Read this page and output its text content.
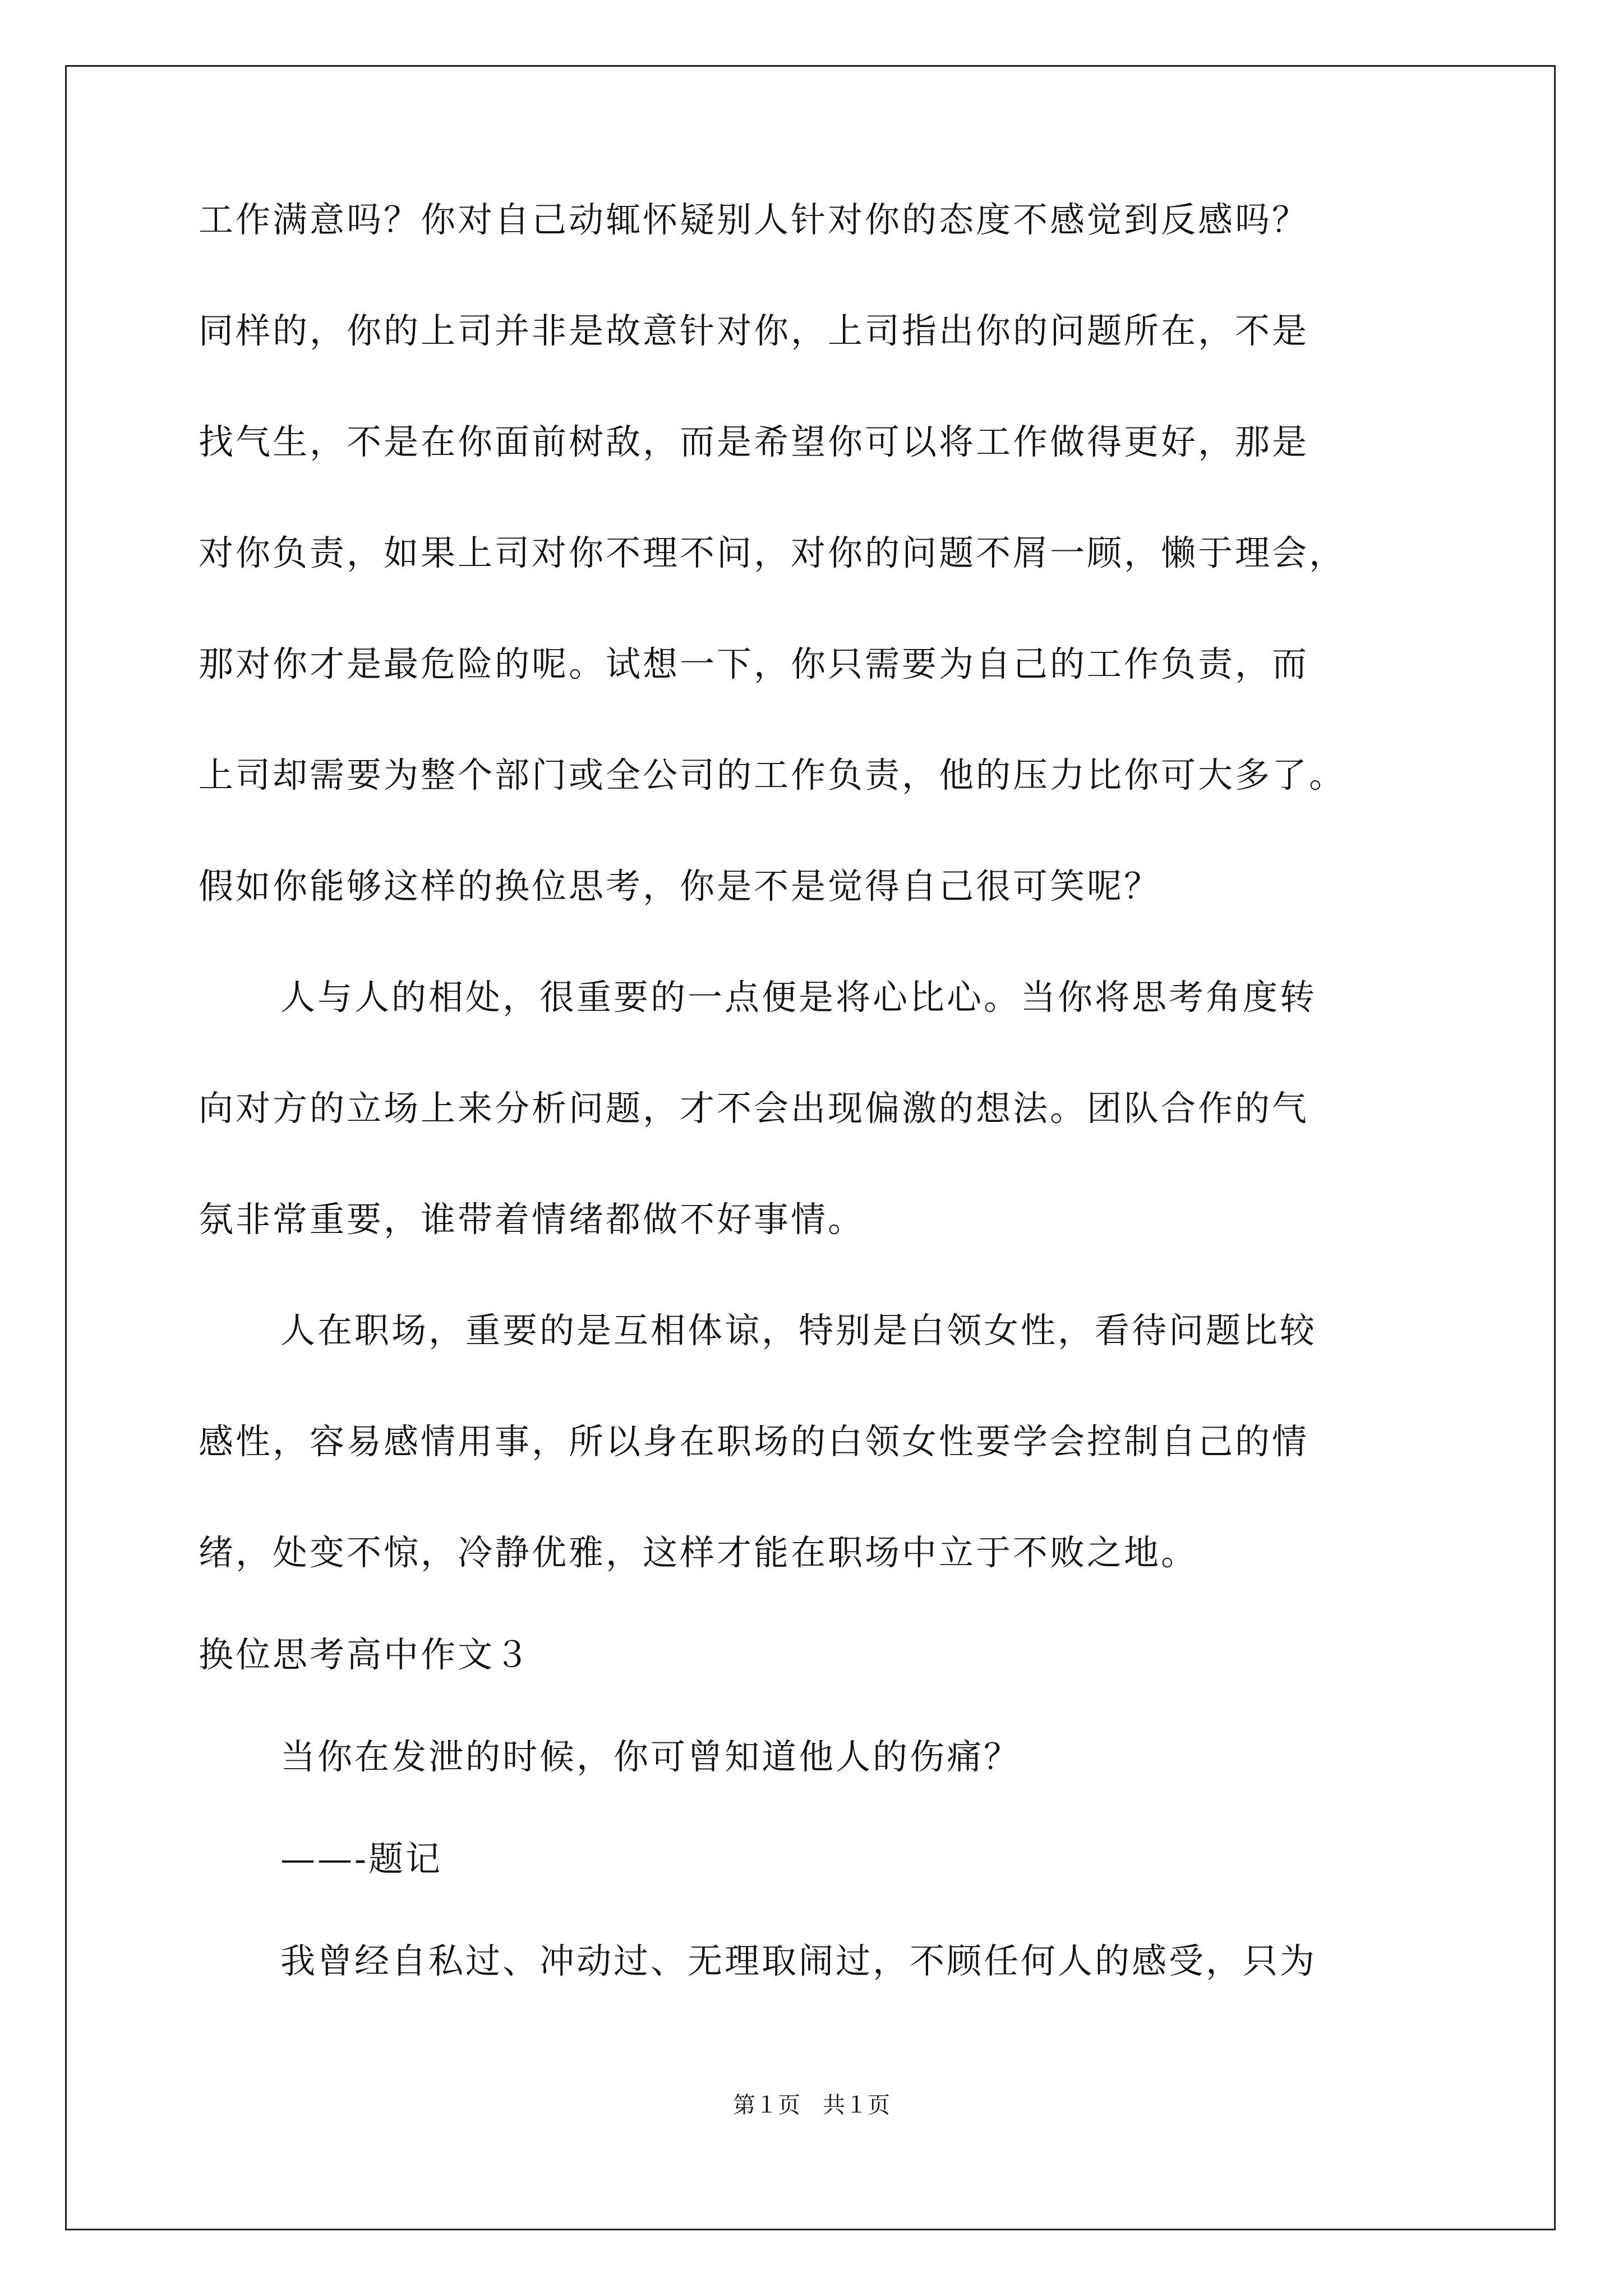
工作满意吗？你对自己动辄怀疑别人针对你的态度不感觉到反感吗？
同样的，你的上司并非是故意针对你，上司指出你的问题所在，不是
找气生，不是在你面前树敌，而是希望你可以将工作做得更好，那是
对你负责，如果上司对你不理不问，对你的问题不屑一顾，懒于理会，
那对你才是最危险的呢。试想一下，你只需要为自己的工作负责，而
上司却需要为整个部门或全公司的工作负责，他的压力比你可大多了。
假如你能够这样的换位思考，你是不是觉得自己很可笑呢？
人与人的相处，很重要的一点便是将心比心。当你将思考角度转
向对方的立场上来分析问题，才不会出现偏激的想法。团队合作的气
氛非常重要，谁带着情绪都做不好事情。
人在职场，重要的是互相体谅，特别是白领女性，看待问题比较
感性，容易感情用事，所以身在职场的白领女性要学会控制自己的情
绪，处变不惊，冷静优雅，这样才能在职场中立于不败之地。
换位思考高中作文３
当你在发泄的时候，你可曾知道他人的伤痛？
——-题记
我曾经自私过、冲动过、无理取闹过，不顾任何人的感受，只为
第１页　共１页
